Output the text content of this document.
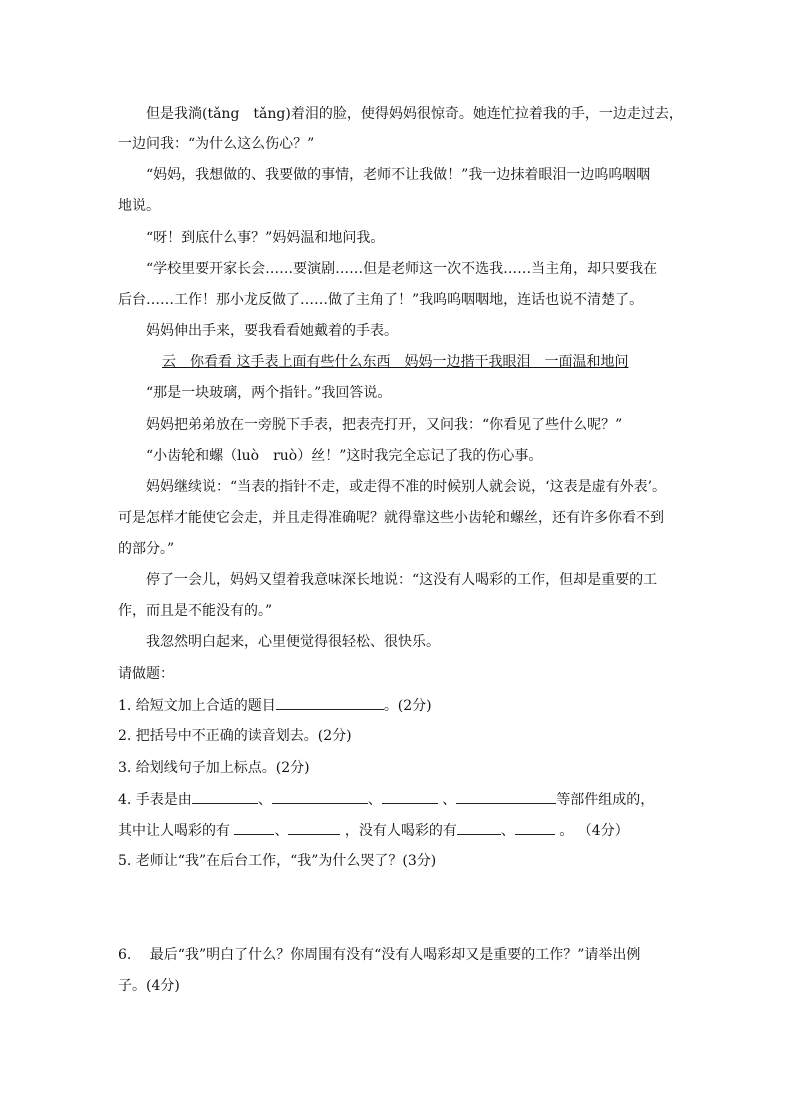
但是我淌(tǎng　tǎng)着泪的脸，使得妈妈很惊奇。她连忙拉着我的手，一边走过去，
一边问我：“为什么这么伤心？”
“妈妈，我想做的、我要做的事情，老师不让我做！”我一边抹着眼泪一边呜呜咽咽
地说。
“呀！到底什么事？”妈妈温和地问我。
“学校里要开家长会……要演剧……但是老师这一次不选我……当主角，却只要我在
后台……工作！那小龙反做了……做了主角了！”我呜呜咽咽地，连话也说不清楚了。
妈妈伸出手来，要我看看她戴着的手表。
云　你看看 这手表上面有些什么东西　妈妈一边揩干我眼泪　一面温和地问
“那是一块玻璃，两个指针。”我回答说。
妈妈把弟弟放在一旁脱下手表，把表壳打开，又问我：“你看见了些什么呢？”
“小齿轮和螺（luò　ruò）丝！”这时我完全忘记了我的伤心事。
妈妈继续说：“当表的指针不走，或走得不准的时候别人就会说，‘这表是虚有外表’。
可是怎样才能使它会走，并且走得准确呢？就得靠这些小齿轮和螺丝，还有许多你看不到
的部分。”
停了一会儿，妈妈又望着我意味深长地说：“这没有人喝彩的工作，但却是重要的工
作，而且是不能没有的。”
我忽然明白起来，心里便觉得很轻松、很快乐。
请做题：
1. 给短文加上合适的题目	。(2分)
2. 把括号中不正确的读音划去。(2分)
3. 给划线句子加上标点。(2分)
4. 手表是由	、	、	、	等部件组成的，
其中让人喝彩的有	、	，没有人喝彩的有	、	。 （4分）
5. 老师让“我”在后台工作，“我”为什么哭了？(3分)
6.　 最后“我”明白了什么？你周围有没有“没有人喝彩却又是重要的工作？”请举出例
子。(4分)
